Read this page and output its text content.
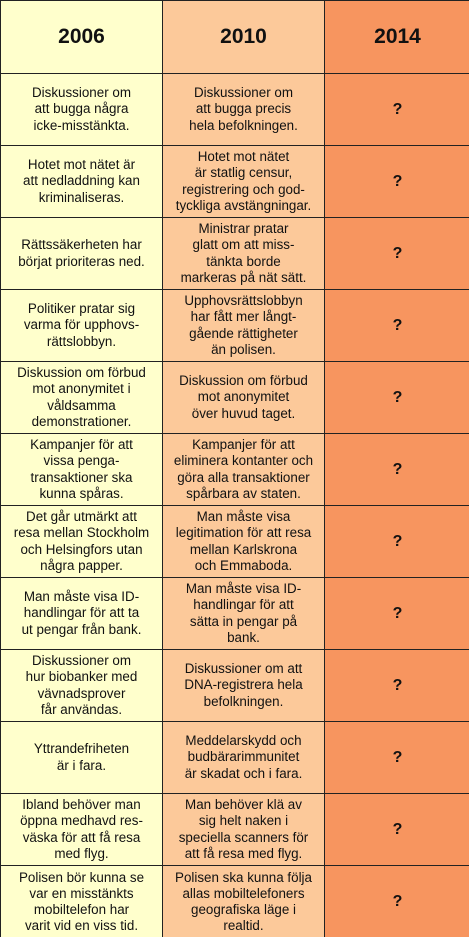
2006	2010	2014
Diskussioner om
att bugga några
icke-misstänkta.
Diskussioner om
att bugga precis
hela befolkningen.
?
Hotet mot nätet är
att nedladdning kan
kriminaliseras.
Hotet mot nätet
är statlig censur,
registrering och god-
tyckliga avstängningar.
?
Rättssäkerheten har
börjat prioriteras ned.
Ministrar pratar
glatt om att miss-
tänkta borde
markeras på nät sätt.
?
Politiker pratar sig
varma för upphovs-
rättslobbyn.
Upphovsrättslobbyn
har fått mer långt-
gående rättigheter
än polisen.
?
Diskussion om förbud
mot anonymitet i
våldsamma
demonstrationer.
Diskussion om förbud
mot anonymitet
över huvud taget.
?
Kampanjer för att
vissa penga-
transaktioner ska
kunna spåras.
Kampanjer för att
eliminera kontanter och
göra alla transaktioner
spårbara av staten.
?
Det går utmärkt att
resa mellan Stockholm
och Helsingfors utan
några papper.
Man måste visa
legitimation för att resa
mellan Karlskrona
och Emmaboda.
?
Man måste visa ID-
handlingar för att ta
ut pengar från bank.
Man måste visa ID-
handlingar för att
sätta in pengar på
bank.
?
Diskussioner om
hur biobanker med
vävnadsprover
får användas.
Diskussioner om att
DNA-registrera hela
befolkningen.
?
Yttrandefriheten
är i fara.
Meddelarskydd och
budbärarimmunitet
är skadat och i fara.
?
Ibland behöver man
öppna medhavd res-
väska för att få resa
med flyg.
Man behöver klä av
sig helt naken i
speciella scanners för
att få resa med flyg.
?
Polisen bör kunna se
var en misstänkts
mobiltelefon har
varit vid en viss tid.
Polisen ska kunna följa
allas mobiltelefoners
geografiska läge i
realtid.
?
